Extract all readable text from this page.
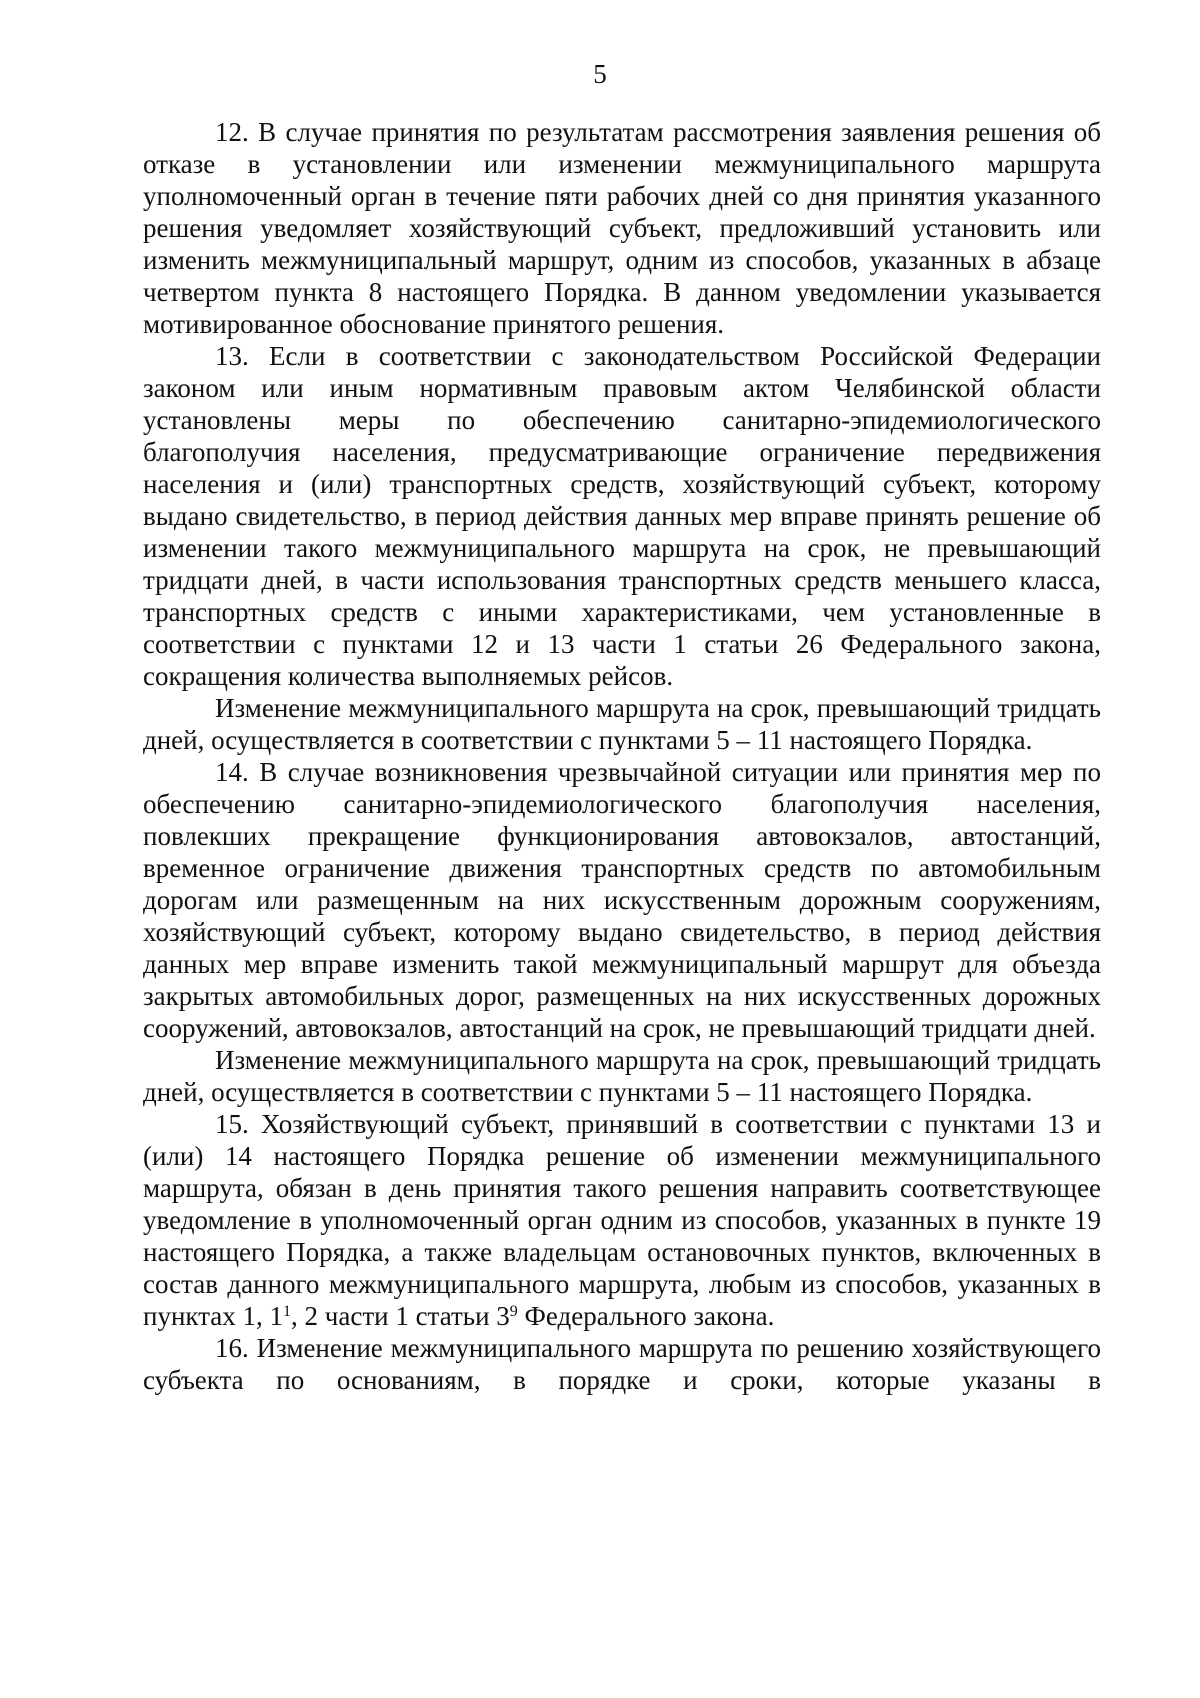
5

12. В случае принятия по результатам рассмотрения заявления решения об отказе в установлении или изменении межмуниципального маршрута уполномоченный орган в течение пяти рабочих дней со дня принятия указанного решения уведомляет хозяйствующий субъект, предложивший установить или изменить межмуниципальный маршрут, одним из способов, указанных в абзаце четвертом пункта 8 настоящего Порядка. В данном уведомлении указывается мотивированное обоснование принятого решения.

13. Если в соответствии с законодательством Российской Федерации законом или иным нормативным правовым актом Челябинской области установлены меры по обеспечению санитарно-эпидемиологического благополучия населения, предусматривающие ограничение передвижения населения и (или) транспортных средств, хозяйствующий субъект, которому выдано свидетельство, в период действия данных мер вправе принять решение об изменении такого межмуниципального маршрута на срок, не превышающий тридцати дней, в части использования транспортных средств меньшего класса, транспортных средств с иными характеристиками, чем установленные в соответствии с пунктами 12 и 13 части 1 статьи 26 Федерального закона, сокращения количества выполняемых рейсов.

Изменение межмуниципального маршрута на срок, превышающий тридцать дней, осуществляется в соответствии с пунктами 5 – 11 настоящего Порядка.

14. В случае возникновения чрезвычайной ситуации или принятия мер по обеспечению санитарно-эпидемиологического благополучия населения, повлекших прекращение функционирования автовокзалов, автостанций, временное ограничение движения транспортных средств по автомобильным дорогам или размещенным на них искусственным дорожным сооружениям, хозяйствующий субъект, которому выдано свидетельство, в период действия данных мер вправе изменить такой межмуниципальный маршрут для объезда закрытых автомобильных дорог, размещенных на них искусственных дорожных сооружений, автовокзалов, автостанций на срок, не превышающий тридцати дней.

Изменение межмуниципального маршрута на срок, превышающий тридцать дней, осуществляется в соответствии с пунктами 5 – 11 настоящего Порядка.

15. Хозяйствующий субъект, принявший в соответствии с пунктами 13 и (или) 14 настоящего Порядка решение об изменении межмуниципального маршрута, обязан в день принятия такого решения направить соответствующее уведомление в уполномоченный орган одним из способов, указанных в пункте 19 настоящего Порядка, а также владельцам остановочных пунктов, включенных в состав данного межмуниципального маршрута, любым из способов, указанных в пунктах 1, $1^1$, 2 части 1 статьи $3^9$ Федерального закона.

16. Изменение межмуниципального маршрута по решению хозяйствующего субъекта по основаниям, в порядке и сроки, которые указаны в
